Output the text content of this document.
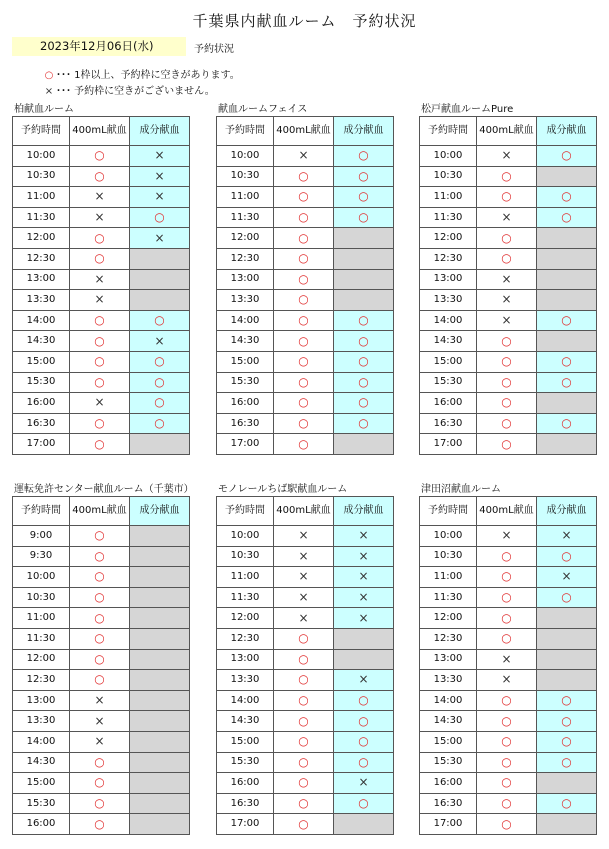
千葉県内献血ルーム　予約状況
2023年12月06日(水)	予約状況
○ ･･･ 1枠以上、予約枠に空きがあります。
× ･･･ 予約枠に空きがございません。
柏献血ルーム
予約時間	400mL献血	成分献血
10:00	○	×
10:30	○	×
11:00	×	×
11:30	×	○
12:00	○	×
12:30	○	
13:00	×	
13:30	×	
14:00	○	○
14:30	○	×
15:00	○	○
15:30	○	○
16:00	×	○
16:30	○	○
17:00	○	
献血ルームフェイス
予約時間	400mL献血	成分献血
10:00	×	○
10:30	○	○
11:00	○	○
11:30	○	○
12:00	○	
12:30	○	
13:00	○	
13:30	○	
14:00	○	○
14:30	○	○
15:00	○	○
15:30	○	○
16:00	○	○
16:30	○	○
17:00	○	
松戸献血ルームPure
予約時間	400mL献血	成分献血
10:00	×	○
10:30	○	
11:00	○	○
11:30	×	○
12:00	○	
12:30	○	
13:00	×	
13:30	×	
14:00	×	○
14:30	○	
15:00	○	○
15:30	○	○
16:00	○	
16:30	○	○
17:00	○	
運転免許センター献血ルーム（千葉市）
予約時間	400mL献血	成分献血
9:00	○	
9:30	○	
10:00	○	
10:30	○	
11:00	○	
11:30	○	
12:00	○	
12:30	○	
13:00	×	
13:30	×	
14:00	×	
14:30	○	
15:00	○	
15:30	○	
16:00	○	
モノレールちば駅献血ルーム
予約時間	400mL献血	成分献血
10:00	×	×
10:30	×	×
11:00	×	×
11:30	×	×
12:00	×	×
12:30	○	
13:00	○	
13:30	○	×
14:00	○	○
14:30	○	○
15:00	○	○
15:30	○	○
16:00	○	×
16:30	○	○
17:00	○	
津田沼献血ルーム
予約時間	400mL献血	成分献血
10:00	×	×
10:30	○	○
11:00	○	×
11:30	○	○
12:00	○	
12:30	○	
13:00	×	
13:30	×	
14:00	○	○
14:30	○	○
15:00	○	○
15:30	○	○
16:00	○	
16:30	○	○
17:00	○	
